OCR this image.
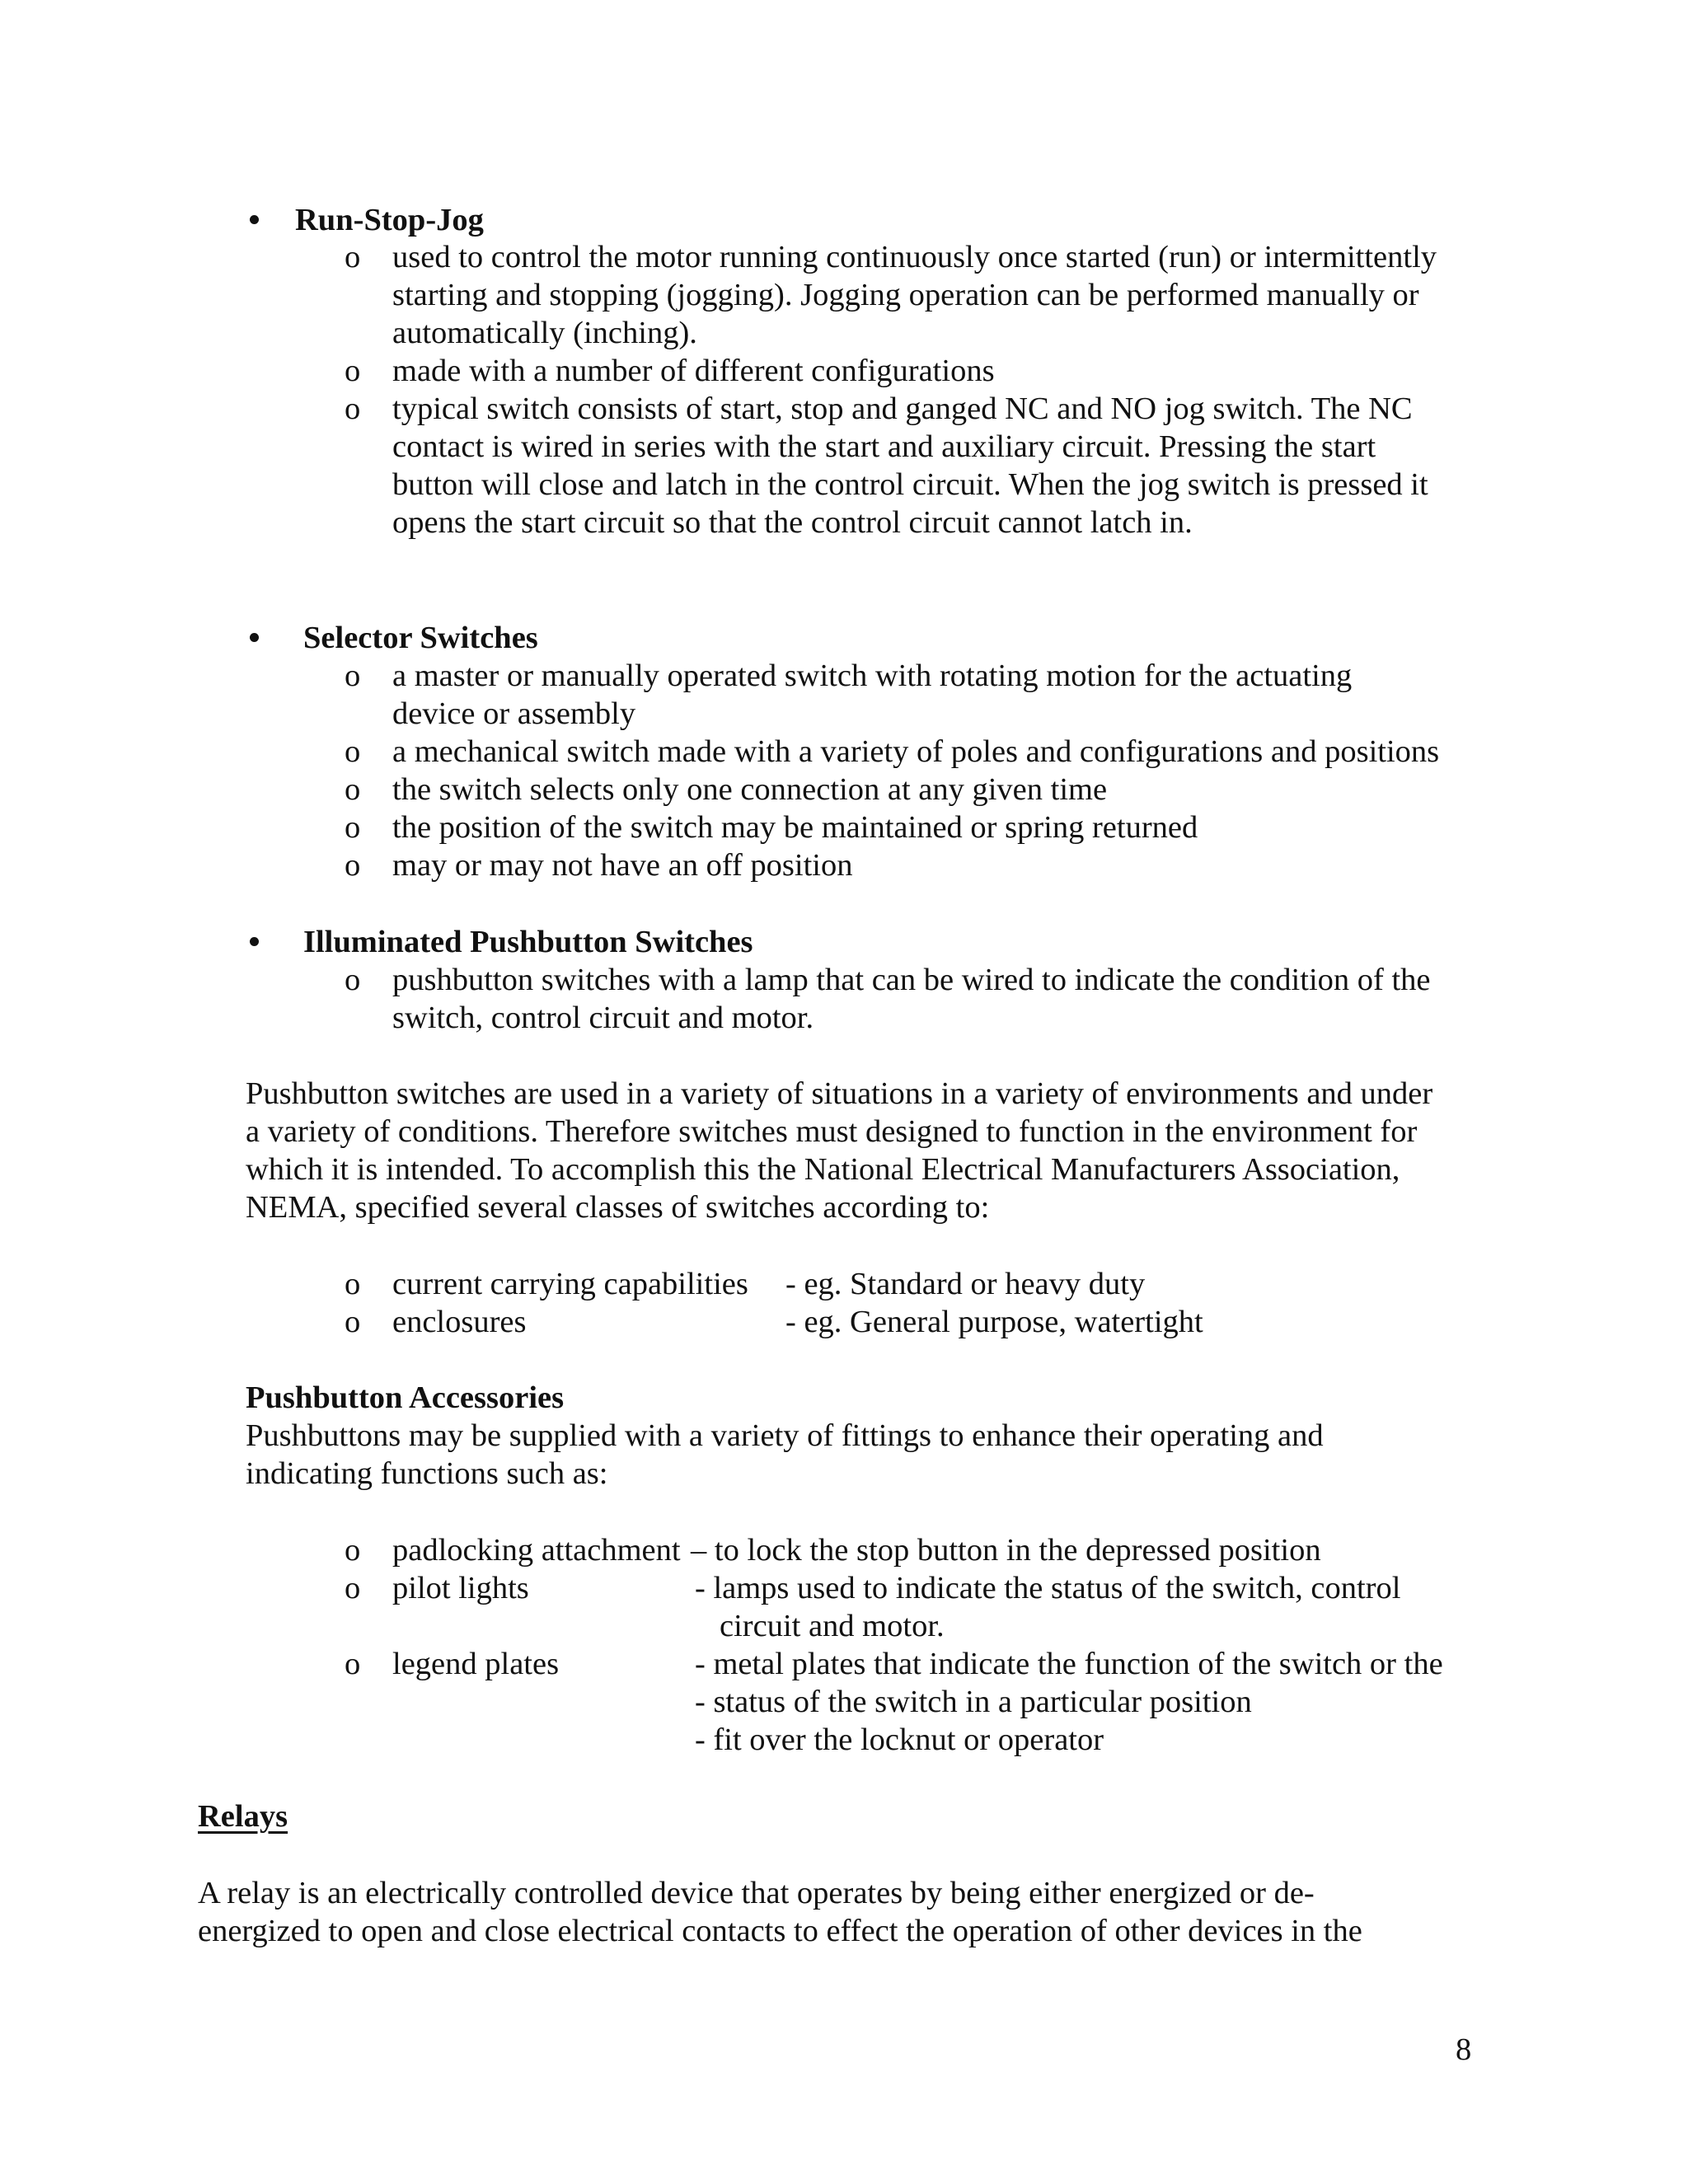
Run-Stop-Jog
o used to control the motor running continuously once started (run) or intermittently
starting and stopping (jogging). Jogging operation can be performed manually or
automatically (inching).
o made with a number of different configurations
o typical switch consists of start, stop and ganged NC and NO jog switch. The NC
contact is wired in series with the start and auxiliary circuit. Pressing the start
button will close and latch in the control circuit. When the jog switch is pressed it
opens the start circuit so that the control circuit cannot latch in.
Selector Switches
o a master or manually operated switch with rotating motion for the actuating
device or assembly
o a mechanical switch made with a variety of poles and configurations and positions
o the switch selects only one connection at any given time
o the position of the switch may be maintained or spring returned
o may or may not have an off position
Illuminated Pushbutton Switches
o pushbutton switches with a lamp that can be wired to indicate the condition of the
switch, control circuit and motor.
Pushbutton switches are used in a variety of situations in a variety of environments and under
a variety of conditions. Therefore switches must designed to function in the environment for
which it is intended. To accomplish this the National Electrical Manufacturers Association,
NEMA, specified several classes of switches according to:
o current carrying capabilities - eg. Standard or heavy duty
o enclosures	- eg. General purpose, watertight
Pushbutton Accessories
Pushbuttons may be supplied with a variety of fittings to enhance their operating and
indicating functions such as:
o padlocking attachment – to lock the stop button in the depressed position
o pilot lights	- lamps used to indicate the status of the switch, control
circuit and motor.
o legend plates	- metal plates that indicate the function of the switch or the
- status of the switch in a particular position
- fit over the locknut or operator
Relays
A relay is an electrically controlled device that operates by being either energized or de-
energized to open and close electrical contacts to effect the operation of other devices in the
8
